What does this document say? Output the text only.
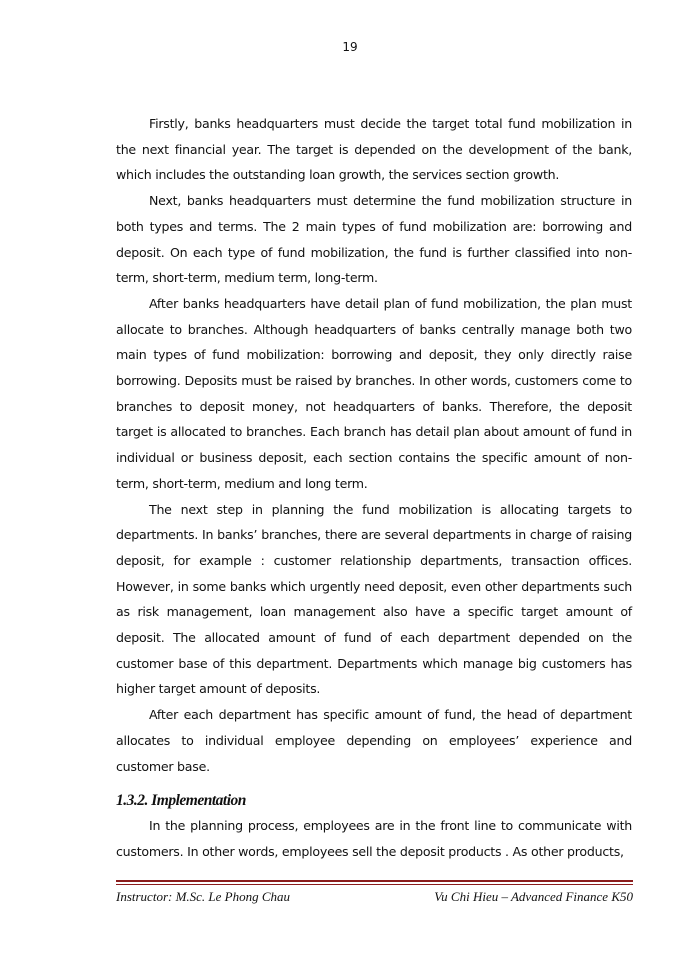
19

Firstly, banks headquarters must decide the target total fund mobilization in the next financial year. The target is depended on the development of the bank, which includes the outstanding loan growth, the services section growth.

Next, banks headquarters must determine the fund mobilization structure in both types and terms. The 2 main types of fund mobilization are: borrowing and deposit. On each type of fund mobilization, the fund is further classified into non-term, short-term, medium term, long-term.

After banks headquarters have detail plan of fund mobilization, the plan must allocate to branches. Although headquarters of banks centrally manage both two main types of fund mobilization: borrowing and deposit, they only directly raise borrowing. Deposits must be raised by branches. In other words, customers come to branches to deposit money, not headquarters of banks. Therefore, the deposit target is allocated to branches. Each branch has detail plan about amount of fund in individual or business deposit, each section contains the specific amount of non-term, short-term, medium and long term.

The next step in planning the fund mobilization is allocating targets to departments. In banks’ branches, there are several departments in charge of raising deposit, for example : customer relationship departments, transaction offices. However, in some banks which urgently need deposit, even other departments such as risk management, loan management also have a specific target amount of deposit. The allocated amount of fund of each department depended on the customer base of this department. Departments which manage big customers has higher target amount of deposits.

After each department has specific amount of fund, the head of department allocates to individual employee depending on employees’ experience and customer base.

1.3.2. Implementation

In the planning process, employees are in the front line to communicate with customers. In other words, employees sell the deposit products . As other products,

Instructor: M.Sc. Le Phong Chau	Vu Chi Hieu – Advanced Finance K50
